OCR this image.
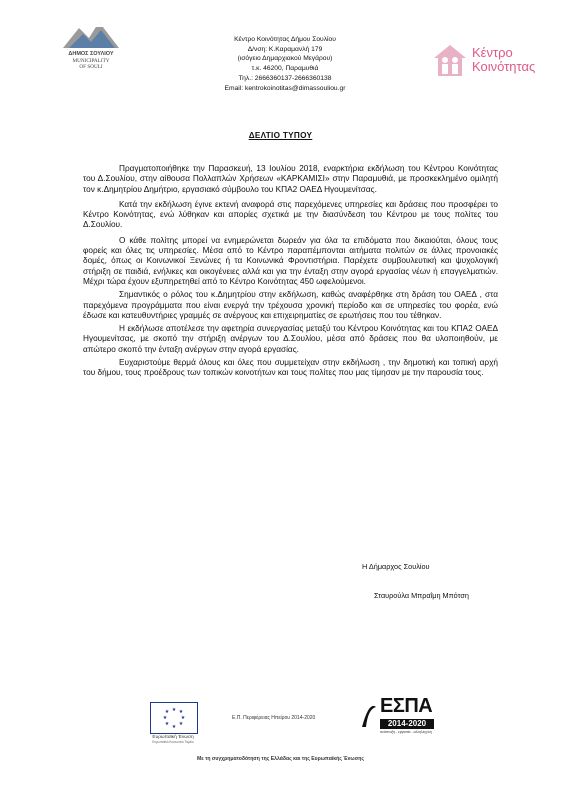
ΔΗΜΟΣ ΣΟΥΛΙΟΥ
MUNICIPALITY
OF SOULI
Κέντρο Κοινότητας Δήμου Σουλίου
Δ/νση: Κ.Καραμανλή 179
(ισόγειο Δημαρχιακού Μεγάρου)
τ.κ. 46200, Παραμυθιά
Τηλ.: 2666360137-2666360138
Email: kentrokoinotitas@dimassouliou.gr
Κέντρο
Κοινότητας
ΔΕΛΤΙΟ ΤΥΠΟΥ

Πραγματοποιήθηκε την Παρασκευή, 13 Ιουλίου 2018, εναρκτήρια εκδήλωση του Κέντρου Κοινότητας του Δ.Σουλίου, στην αίθουσα Πολλαπλών Χρήσεων «ΚΑΡΚΑΜΙΣΙ» στην Παραμυθιά, με προσκεκλημένο ομιλητή τον κ.Δημητρίου Δημήτριο, εργασιακό σύμβουλο του ΚΠΑ2 ΟΑΕΔ Ηγουμενίτσας.

Κατά την εκδήλωση έγινε εκτενή αναφορά στις παρεχόμενες υπηρεσίες και δράσεις που προσφέρει το Κέντρο Κοινότητας, ενώ λύθηκαν και απορίες σχετικά με την διασύνδεση του Κέντρου με τους πολίτες του Δ.Σουλίου.

Ο κάθε πολίτης μπορεί να ενημερώνεται δωρεάν για όλα τα επιδόματα που δικαιούται, όλους τους φορείς και όλες τις υπηρεσίες. Μέσα από το Κέντρο παραπέμπονται αιτήματα πολιτών σε άλλες προνοιακές δομές, όπως οι Κοινωνικοί Ξενώνες ή τα Κοινωνικά Φροντιστήρια. Παρέχετε συμβουλευτική και ψυχολογική στήριξη σε παιδιά, ενήλικες και οικογένειες αλλά και για την ένταξη στην αγορά εργασίας νέων ή επαγγελματιών. Μέχρι τώρα έχουν εξυπηρετηθεί από το Κέντρο Κοινότητας 450 ωφελούμενοι.

Σημαντικός ο ρόλος του κ.Δημητρίου στην εκδήλωση, καθώς αναφέρθηκε στη δράση του ΟΑΕΔ , στα παρεχόμενα προγράμματα που είναι ενεργά την τρέχουσα χρονική περίοδο και σε υπηρεσίες του φορέα, ενώ έδωσε και κατευθυντήριες γραμμές σε ανέργους και επιχειρηματίες σε ερωτήσεις που του τέθηκαν.

Η εκδήλωσε αποτέλεσε την αφετηρία συνεργασίας μεταξύ του Κέντρου Κοινότητας και του ΚΠΑ2 ΟΑΕΔ Ηγουμενίτσας, με σκοπό την στήριξη ανέργων του Δ.Σουλίου, μέσα από δράσεις που θα υλοποιηθούν, με απώτερο σκοπό την ένταξη ανέργων στην αγορά εργασίας.

Ευχαριστούμε θερμά όλους και όλες που συμμετείχαν στην εκδήλωση , την δημοτική και τοπική αρχή του δήμου, τους προέδρους των τοπικών κοινοτήτων και τους πολίτες που μας τίμησαν με την παρουσία τους.

Η Δήμαρχος Σουλίου
Σταυρούλα Μπραΐμη Μπότση
★ ★
★
★
★
★
★
★
Ευρωπαϊκή Ένωση
Ευρωπαϊκό Κοινωνικό Ταμείο
Ε.Π. Περιφέρειας Ηπείρου 2014-2020
ΕΣΠΑ
2014-2020
ανάπτυξη - εργασία - αλληλεγγύη
Με τη συγχρηματοδότηση της Ελλάδας και της Ευρωπαϊκής Ένωσης
